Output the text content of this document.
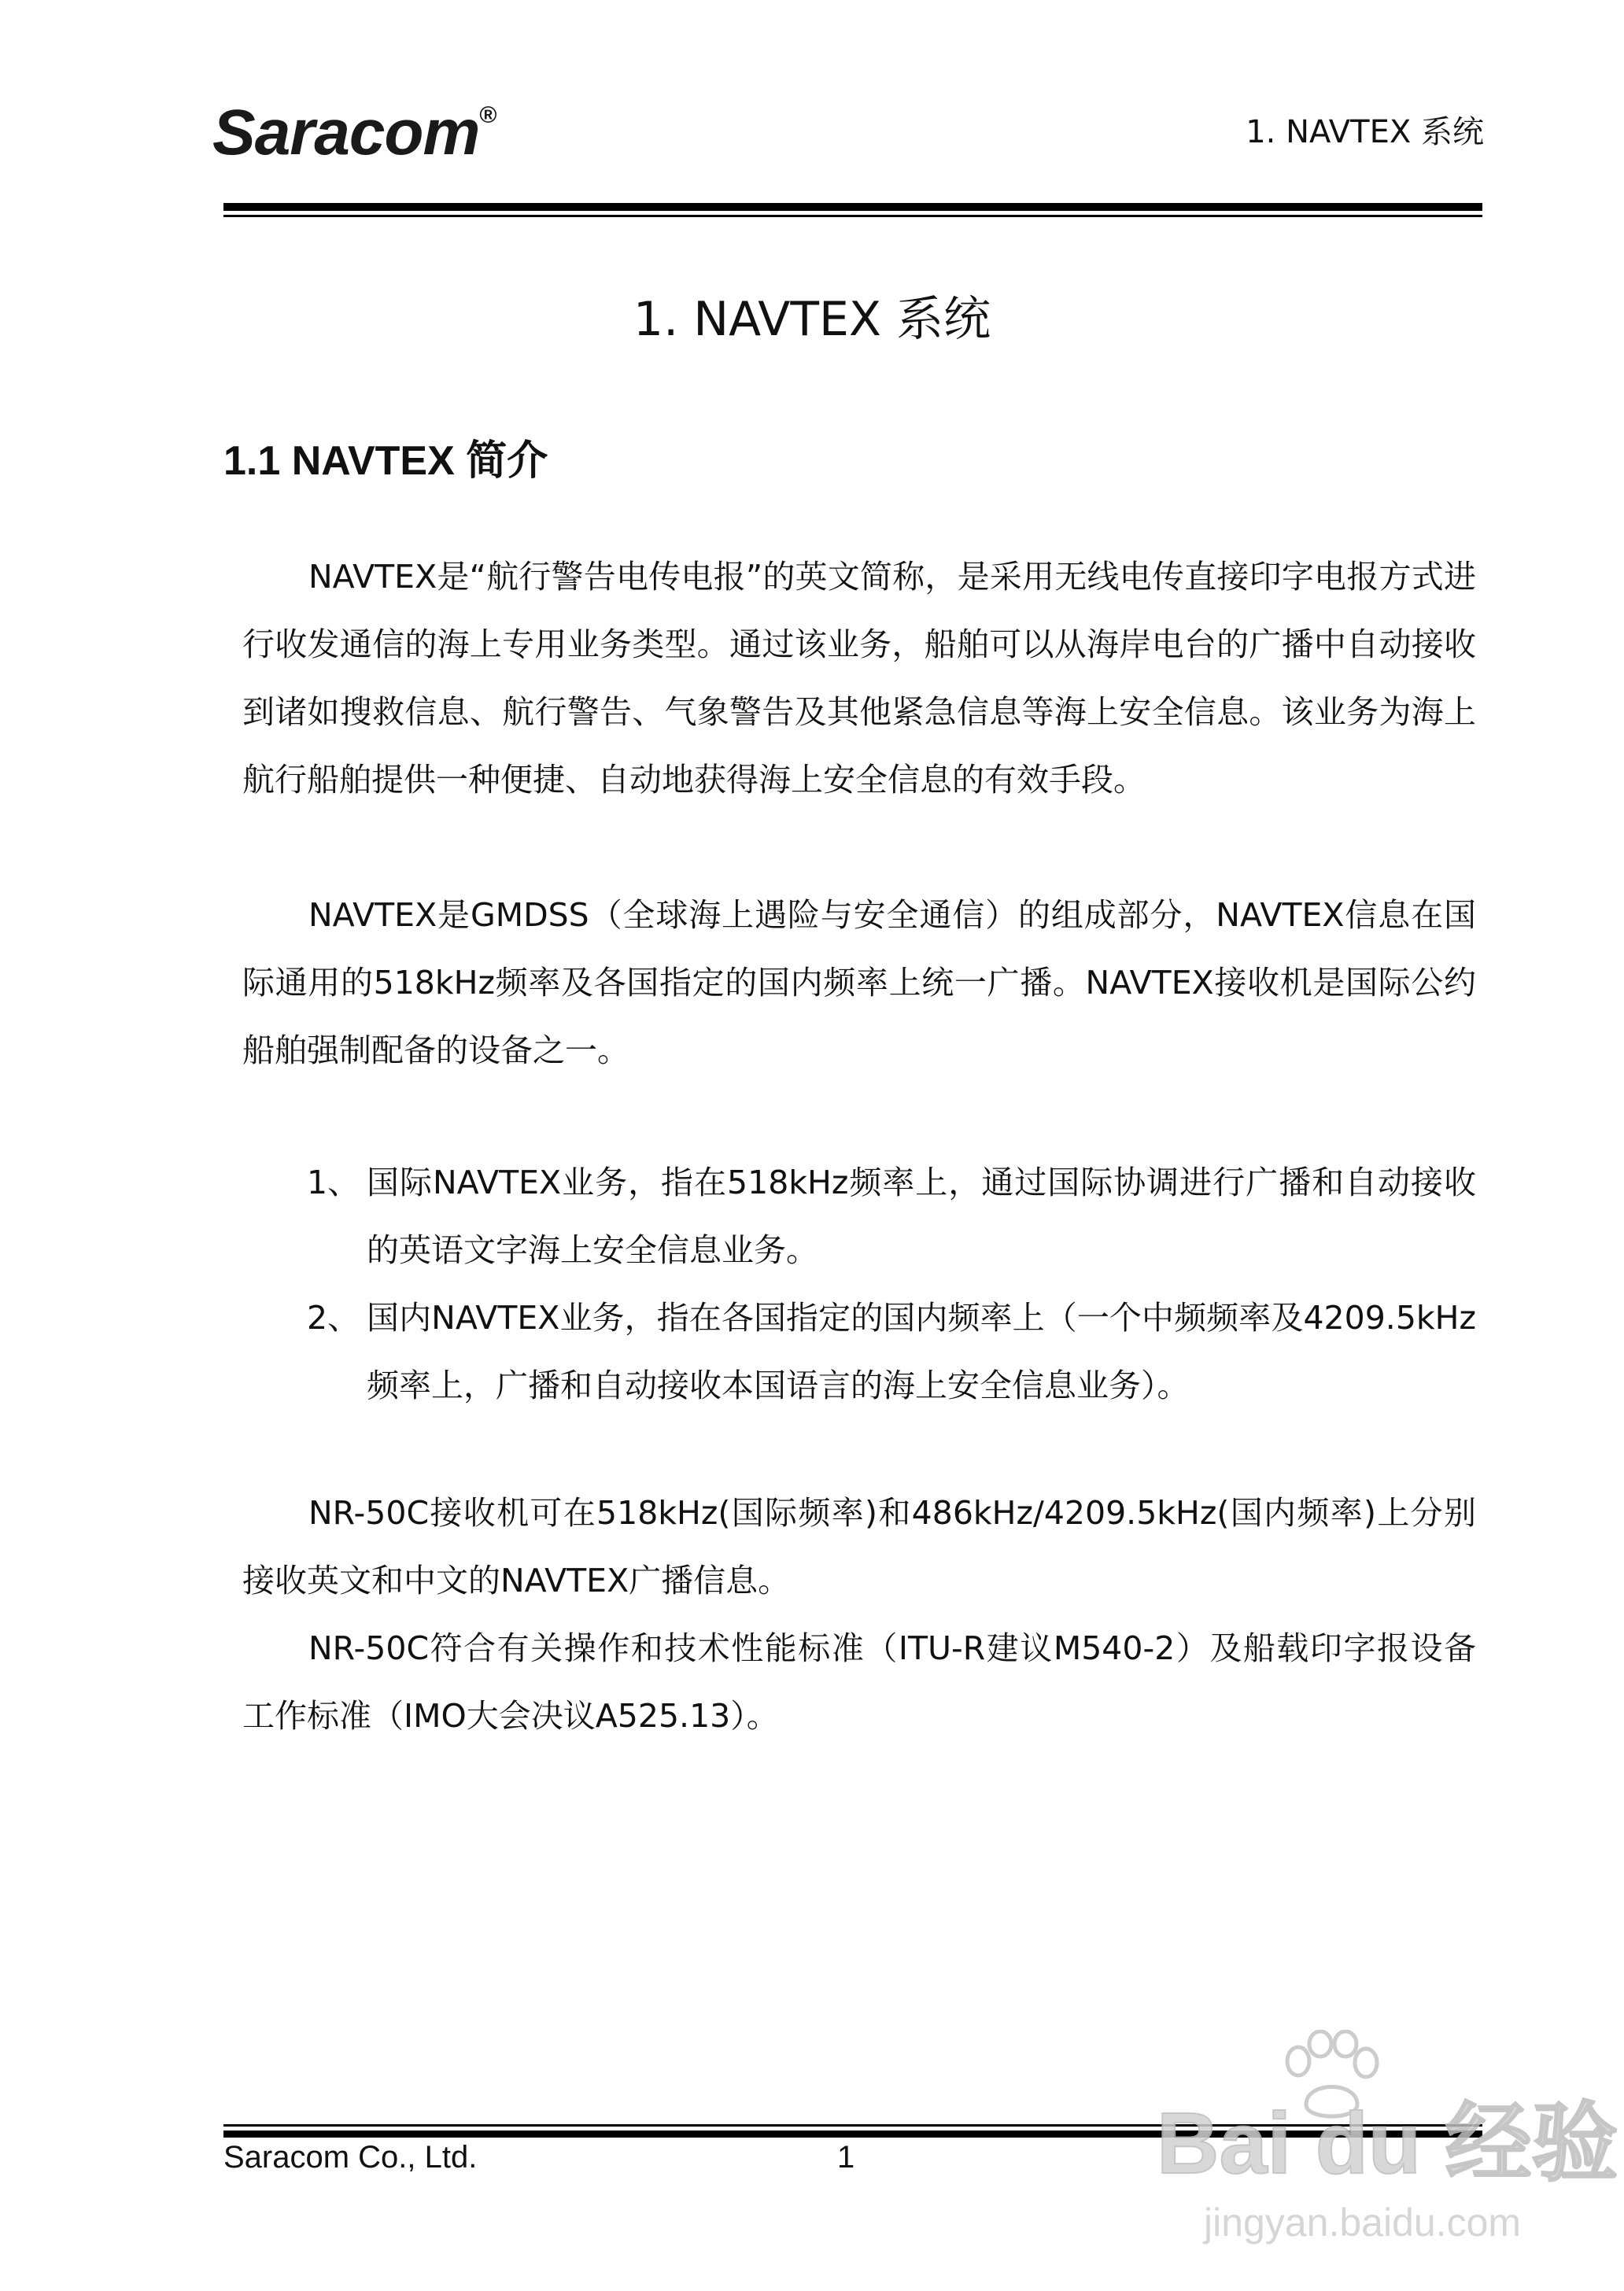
Saracom®	1. NAVTEX 系统
1. NAVTEX 系统
1.1 NAVTEX 简介

NAVTEX是“航行警告电传电报”的英文简称，是采用无线电传直接印字电报方式进行收发通信的海上专用业务类型。通过该业务，船舶可以从海岸电台的广播中自动接收到诸如搜救信息、航行警告、气象警告及其他紧急信息等海上安全信息。该业务为海上航行船舶提供一种便捷、自动地获得海上安全信息的有效手段。

NAVTEX是GMDSS（全球海上遇险与安全通信）的组成部分，NAVTEX信息在国际通用的518kHz频率及各国指定的国内频率上统一广播。NAVTEX接收机是国际公约船舶强制配备的设备之一。

1、 国际NAVTEX业务，指在518kHz频率上，通过国际协调进行广播和自动接收的英语文字海上安全信息业务。
2、 国内NAVTEX业务，指在各国指定的国内频率上（一个中频频率及4209.5kHz频率上，广播和自动接收本国语言的海上安全信息业务）。

NR-50C接收机可在518kHz(国际频率)和486kHz/4209.5kHz(国内频率)上分别接收英文和中文的NAVTEX广播信息。

NR-50C符合有关操作和技术性能标准（ITU-R建议M540-2）及船载印字报设备工作标准（IMO大会决议A525.13）。

Saracom Co., Ltd.	1	Bai du 经验
jingyan.baidu.com
